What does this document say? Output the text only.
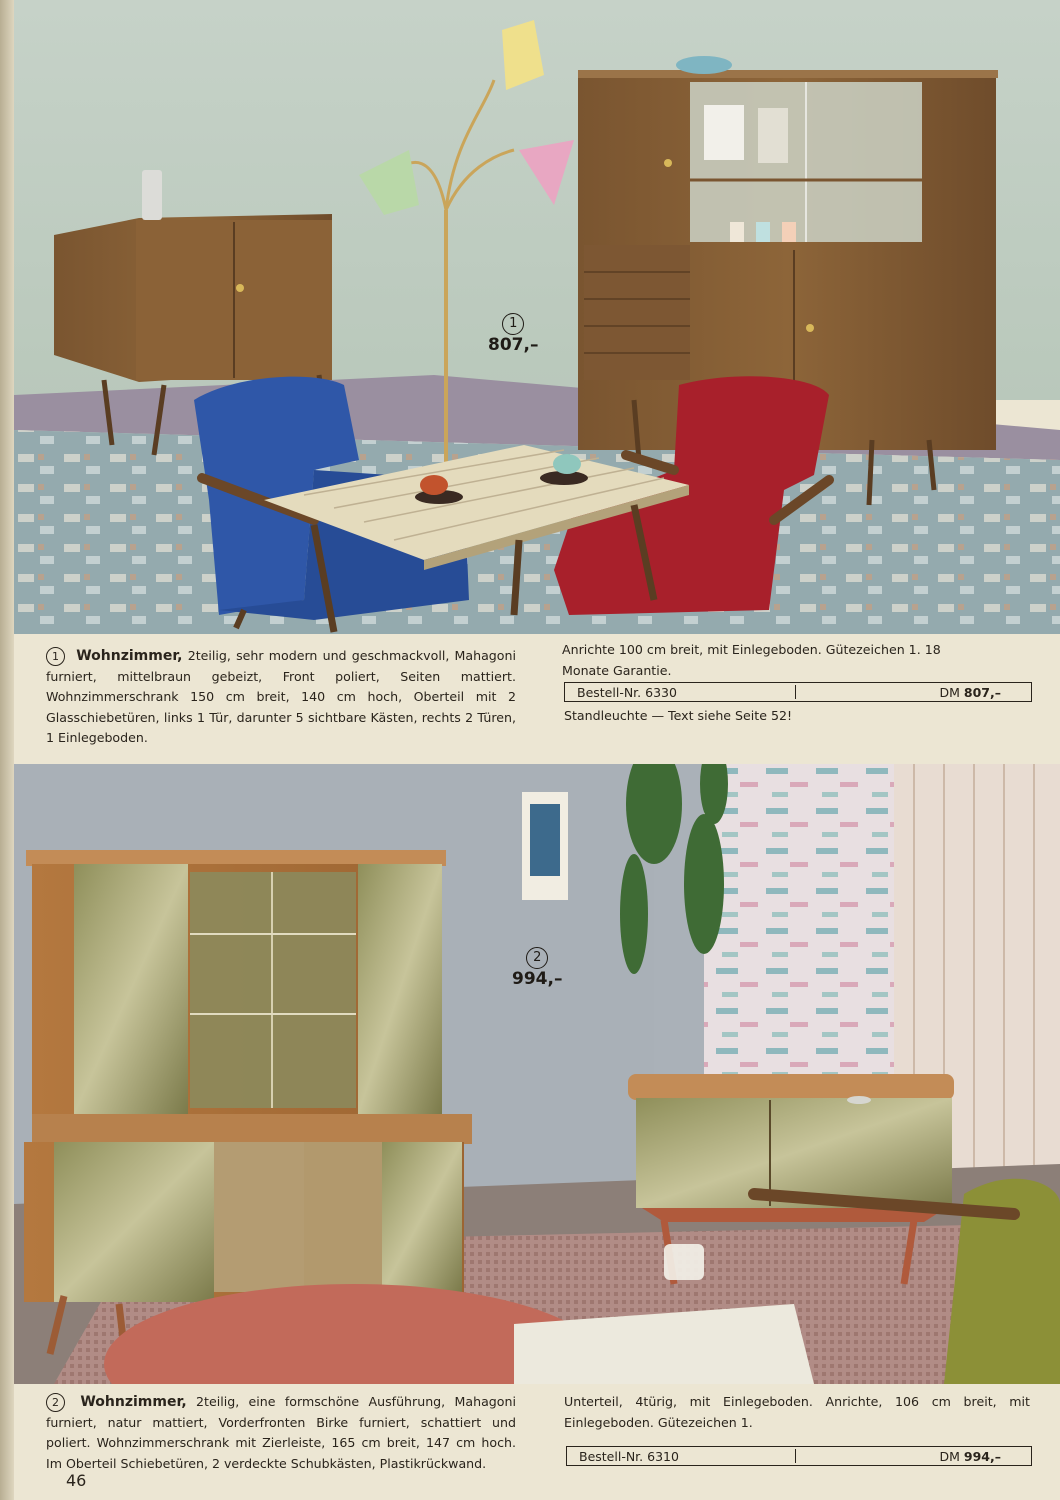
1
807,–

1 Wohnzimmer, 2teilig, sehr modern und geschmackvoll, Mahagoni furniert, mittelbraun gebeizt, Front poliert, Seiten mattiert. Wohnzimmerschrank 150 cm breit, 140 cm hoch, Oberteil mit 2 Glasschiebetüren, links 1 Tür, darunter 5 sichtbare Kästen, rechts 2 Türen, 1 Einlegeboden.

Anrichte 100 cm breit, mit Einlegeboden. Gütezeichen 1. 18 Monate Garantie.

Bestell-Nr. 6330	DM 807,–

Standleuchte — Text siehe Seite 52!

2
994,–

2 Wohnzimmer, 2teilig, eine formschöne Ausführung, Mahagoni furniert, natur mattiert, Vorderfronten Birke furniert, schattiert und poliert. Wohnzimmerschrank mit Zierleiste, 165 cm breit, 147 cm hoch. Im Oberteil Schiebetüren, 2 verdeckte Schubkästen, Plastikrückwand.

Unterteil, 4türig, mit Einlegeboden. Anrichte, 106 cm breit, mit Einlegeboden. Gütezeichen 1.

Bestell-Nr. 6310	DM 994,–
46
